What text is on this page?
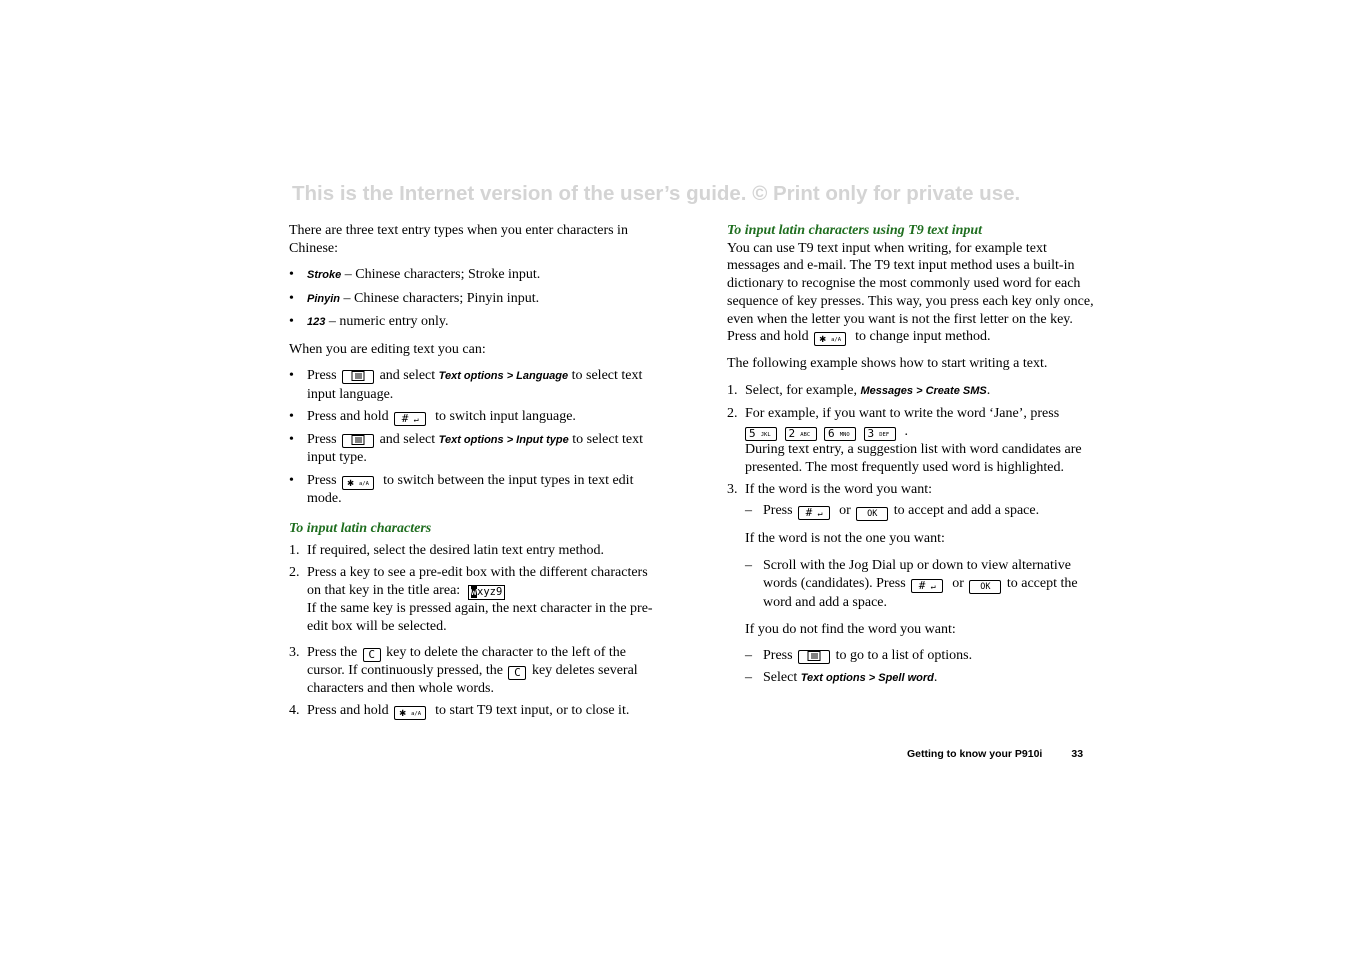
This is the Internet version of the user’s guide. © Print only for private use.

There are three text entry types when you enter characters in Chinese:

• Stroke – Chinese characters; Stroke input.
• Pinyin – Chinese characters; Pinyin input.
• 123 – numeric entry only.

When you are editing text you can:

• Press	and select Text options > Language to select text input language.
• Press and hold # ↵ to switch input language.
• Press	and select Text options > Input type to select text input type.
• Press ✱ a/A to switch between the input types in text edit mode.
To input latin characters
1. If required, select the desired latin text entry method.
2. Press a key to see a pre-edit box with the different characters on that key in the title area: wxyz9
If the same key is pressed again, the next character in the pre-edit box will be selected.
3. Press the C key to delete the character to the left of the cursor. If continuously pressed, the C key deletes several characters and then whole words.
4. Press and hold ✱ a/A to start T9 text input, or to close it.
To input latin characters using T9 text input

You can use T9 text input when writing, for example text messages and e-mail. The T9 text input method uses a built-in dictionary to recognise the most commonly used word for each sequence of key presses. This way, you press each key only once, even when the letter you want is not the first letter on the key. Press and hold ✱ a/A to change input method.

The following example shows how to start writing a text.

1. Select, for example, Messages > Create SMS.
2. For example, if you want to write the word ‘Jane’, press
5 JKL 2 ABC 6 MNO 3 DEF .
During text entry, a suggestion list with word candidates are presented. The most frequently used word is highlighted.
3. If the word is the word you want:
– Press # ↵ or OK to accept and add a space.

If the word is not the one you want:

– Scroll with the Jog Dial up or down to view alternative words (candidates). Press # ↵ or OK to accept the word and add a space.

If you do not find the word you want:

– Press	to go to a list of options.
– Select Text options > Spell word.
Getting to know your P910i	33
